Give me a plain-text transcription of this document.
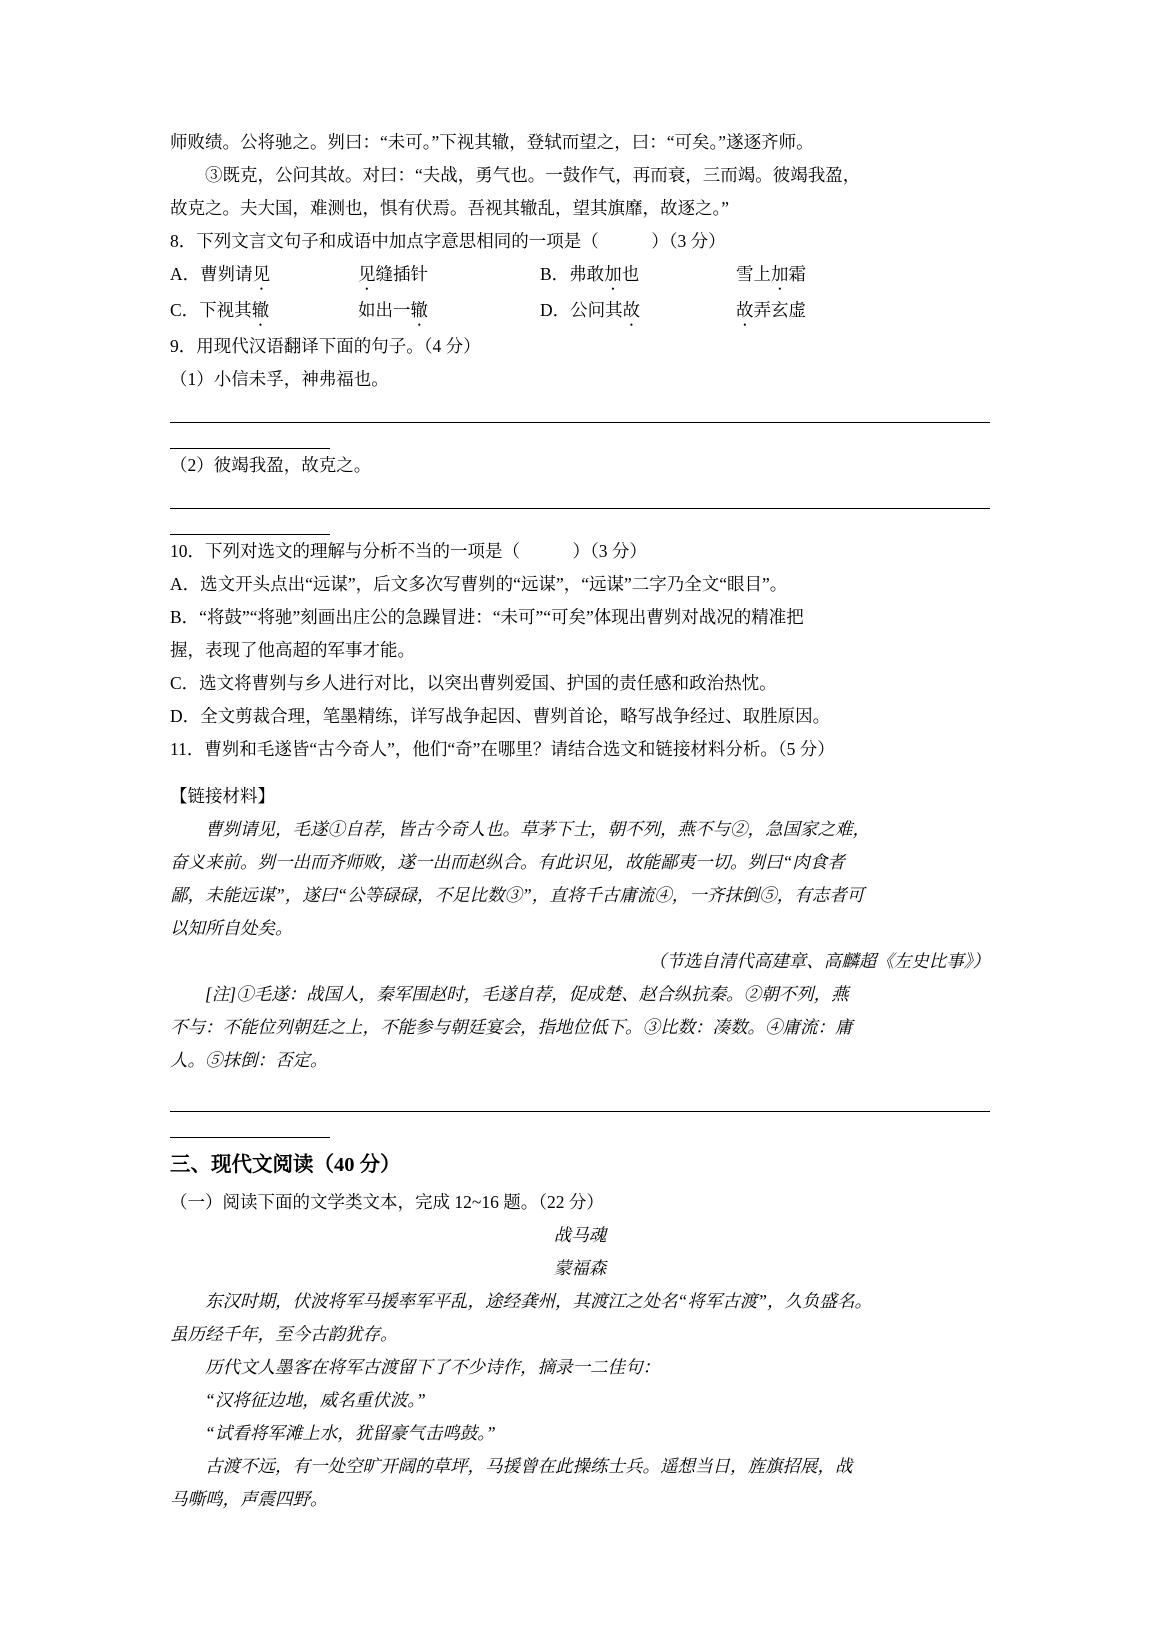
师败绩。公将驰之。刿曰：“未可。”下视其辙，登轼而望之，曰：“可矣。”遂逐齐师。
③既克，公问其故。对曰：“夫战，勇气也。一鼓作气，再而衰，三而竭。彼竭我盈，
故克之。夫大国，难测也，惧有伏焉。吾视其辙乱，望其旗靡，故逐之。”
8．下列文言文句子和成语中加点字意思相同的一项是（　　　）（3 分）
A．曹刿请见	见缝插针	B．弗敢加也	雪上加霜
C．下视其辙	如出一辙	D．公问其故	故弄玄虚
9．用现代汉语翻译下面的句子。（4 分）
（1）小信未孚，神弗福也。
（2）彼竭我盈，故克之。
10．下列对选文的理解与分析不当的一项是（　　　）（3 分）
A．选文开头点出“远谋”，后文多次写曹刿的“远谋”，“远谋”二字乃全文“眼目”。
B．“将鼓”“将驰”刻画出庄公的急躁冒进：“未可”“可矣”体现出曹刿对战况的精准把
握，表现了他高超的军事才能。
C．选文将曹刿与乡人进行对比，以突出曹刿爱国、护国的责任感和政治热忱。
D．全文剪裁合理，笔墨精练，详写战争起因、曹刿首论，略写战争经过、取胜原因。
11．曹刿和毛遂皆“古今奇人”，他们“奇”在哪里？请结合选文和链接材料分析。（5 分）
【链接材料】
曹刿请见，毛遂①自荐，皆古今奇人也。草茅下士，朝不列，燕不与②，急国家之难，
奋义来前。刿一出而齐师败，遂一出而赵纵合。有此识见，故能鄙夷一切。刿曰“肉食者
鄙，未能远谋”，遂曰“公等碌碌，不足比数③”，直将千古庸流④，一齐抹倒⑤，有志者可
以知所自处矣。
（节选自清代高建章、高麟超《左史比事》）
[注]①毛遂：战国人，秦军围赵时，毛遂自荐，促成楚、赵合纵抗秦。②朝不列，燕
不与：不能位列朝廷之上，不能参与朝廷宴会，指地位低下。③比数：凑数。④庸流：庸
人。⑤抹倒：否定。
三、现代文阅读（40 分）
（一）阅读下面的文学类文本，完成 12~16 题。（22 分）
战马魂
蒙福森
东汉时期，伏波将军马援率军平乱，途经龚州，其渡江之处名“将军古渡”，久负盛名。
虽历经千年，至今古韵犹存。
历代文人墨客在将军古渡留下了不少诗作，摘录一二佳句：
“汉将征边地，威名重伏波。”
“试看将军滩上水，犹留豪气击鸣鼓。”
古渡不远，有一处空旷开阔的草坪，马援曾在此操练士兵。遥想当日，旌旗招展，战
马嘶鸣，声震四野。
